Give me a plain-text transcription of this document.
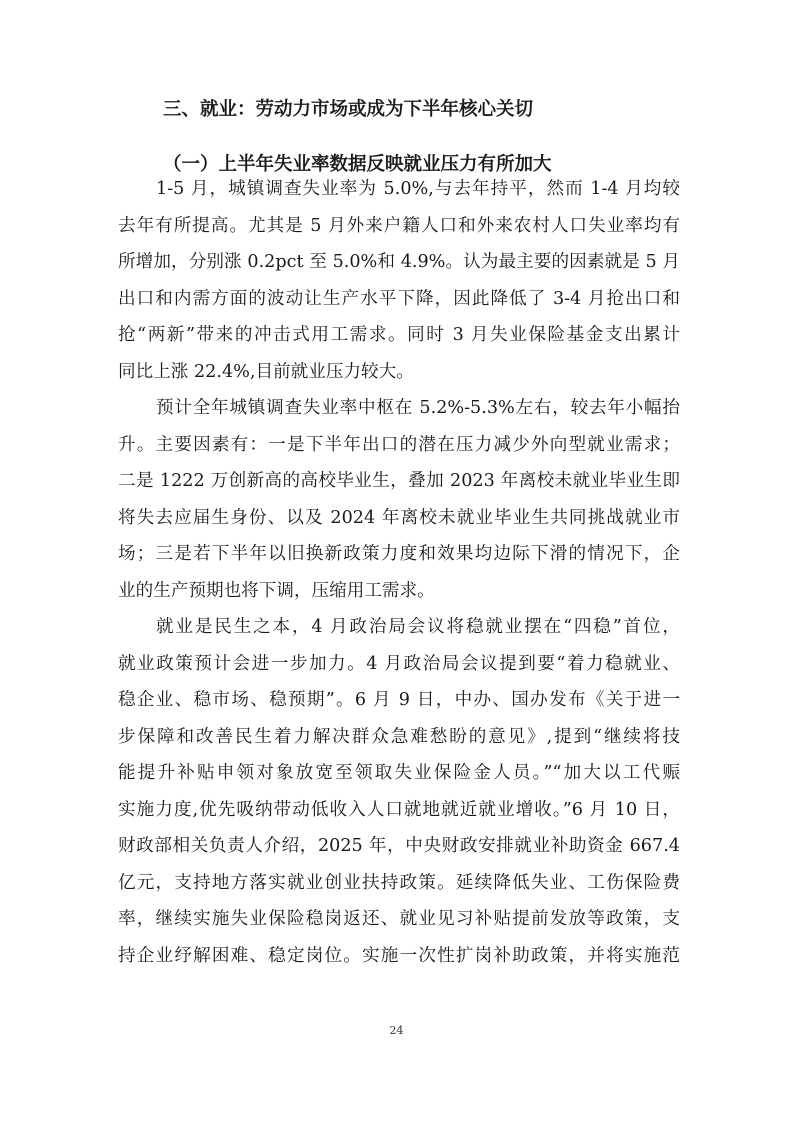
三、就业：劳动力市场或成为下半年核心关切
（一）上半年失业率数据反映就业压力有所加大
1-5 月，城镇调查失业率为 5.0%,与去年持平，然而 1-4 月均较
去年有所提高。尤其是 5 月外来户籍人口和外来农村人口失业率均有
所增加，分别涨 0.2pct 至 5.0%和 4.9%。认为最主要的因素就是 5 月
出口和内需方面的波动让生产水平下降，因此降低了 3-4 月抢出口和
抢“两新”带来的冲击式用工需求。同时 3 月失业保险基金支出累计
同比上涨 22.4%,目前就业压力较大。
预计全年城镇调查失业率中枢在 5.2%-5.3%左右，较去年小幅抬
升。主要因素有：一是下半年出口的潜在压力减少外向型就业需求；
二是 1222 万创新高的高校毕业生，叠加 2023 年离校未就业毕业生即
将失去应届生身份、以及 2024 年离校未就业毕业生共同挑战就业市
场；三是若下半年以旧换新政策力度和效果均边际下滑的情况下，企
业的生产预期也将下调，压缩用工需求。
就业是民生之本，4 月政治局会议将稳就业摆在“四稳”首位，
就业政策预计会进一步加力。4 月政治局会议提到要“着力稳就业、
稳企业、稳市场、稳预期”。6 月 9 日，中办、国办发布《关于进一
步保障和改善民生着力解决群众急难愁盼的意见》,提到“继续将技
能提升补贴申领对象放宽至领取失业保险金人员。”“加大以工代赈
实施力度,优先吸纳带动低收入人口就地就近就业增收。”6 月 10 日，
财政部相关负责人介绍，2025 年，中央财政安排就业补助资金 667.4
亿元，支持地方落实就业创业扶持政策。延续降低失业、工伤保险费
率，继续实施失业保险稳岗返还、就业见习补贴提前发放等政策，支
持企业纾解困难、稳定岗位。实施一次性扩岗补助政策，并将实施范
24
